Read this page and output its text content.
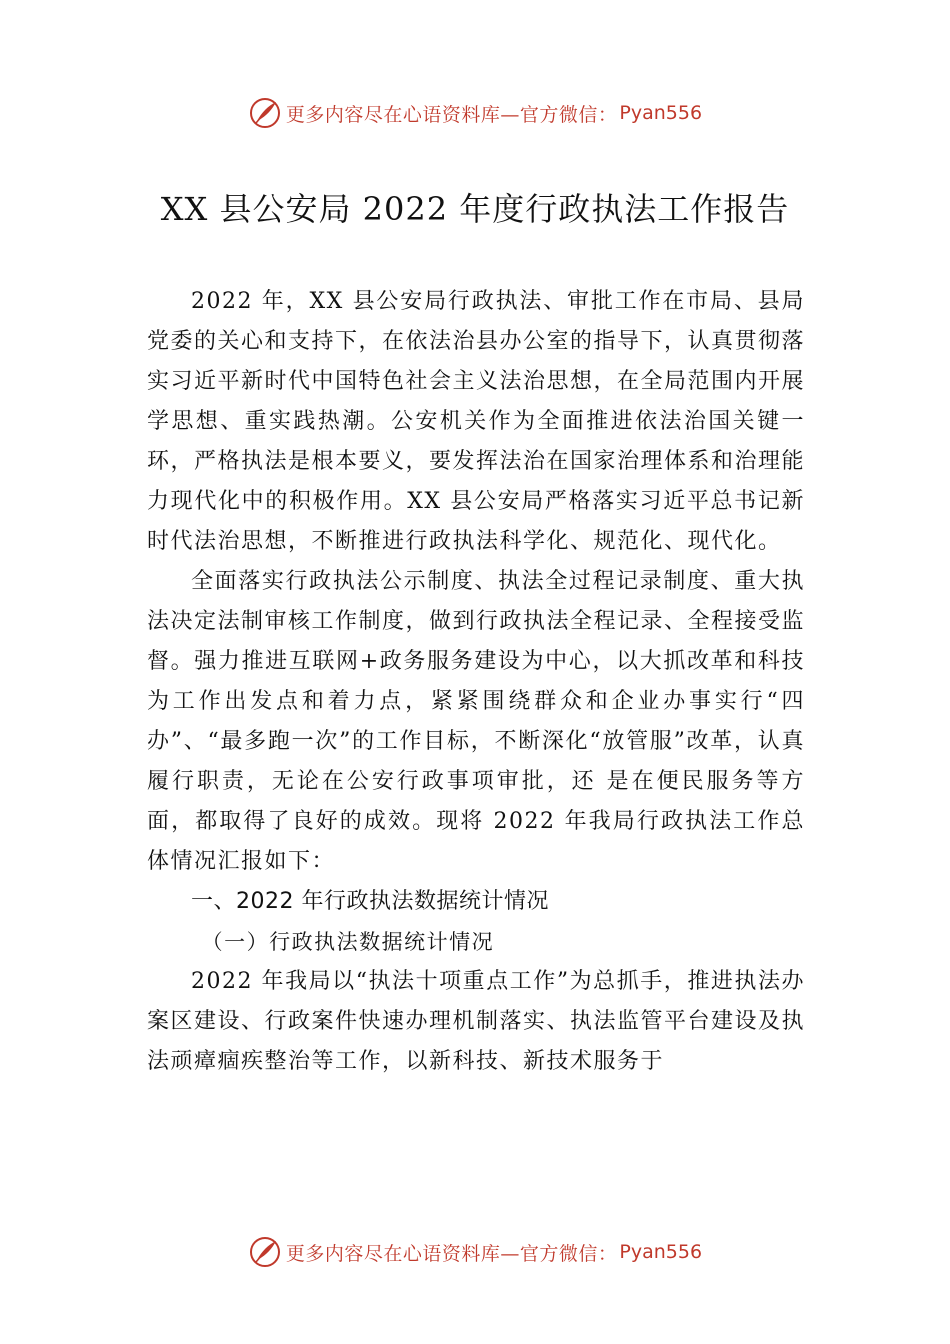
更多内容尽在心语资料库—官方微信： Pyan556
XX 县公安局 2022 年度行政执法工作报告

2022 年，XX 县公安局行政执法、审批工作在市局、县局党委的关心和支持下，在依法治县办公室的指导下，认真贯彻落实习近平新时代中国特色社会主义法治思想，在全局范围内开展学思想、重实践热潮。公安机关作为全面推进依法治国关键一环，严格执法是根本要义，要发挥法治在国家治理体系和治理能力现代化中的积极作用。XX 县公安局严格落实习近平总书记新时代法治思想，不断推进行政执法科学化、规范化、现代化。

全面落实行政执法公示制度、执法全过程记录制度、重大执法决定法制审核工作制度，做到行政执法全程记录、全程接受监督。强力推进互联网+政务服务建设为中心，以大抓改革和科技为工作出发点和着力点，紧紧围绕群众和企业办事实行“四办”、“最多跑一次”的工作目标，不断深化“放管服”改革，认真履行职责，无论在公安行政事项审批，还 是在便民服务等方面，都取得了良好的成效。现将 2022 年我局行政执法工作总体情况汇报如下：

一、2022 年行政执法数据统计情况

（一）行政执法数据统计情况

2022 年我局以“执法十项重点工作”为总抓手，推进执法办案区建设、行政案件快速办理机制落实、执法监管平台建设及执法顽瘴痼疾整治等工作，以新科技、新技术服务于

更多内容尽在心语资料库—官方微信： Pyan556
